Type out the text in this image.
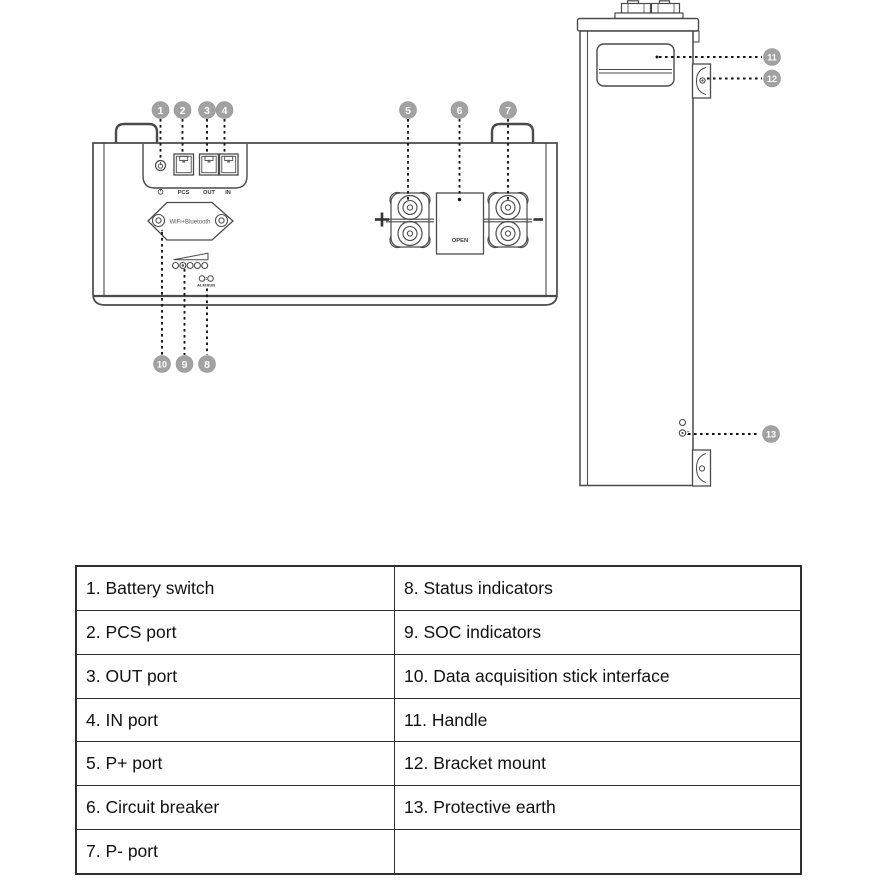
PCS OUT IN
WiFi+Bluetooth
ALM RUN
OPEN
1 2 3 4	5	6	7
8
9
10
11
12
13
1. Battery switch	8. Status indicators
2. PCS port	9. SOC indicators
3. OUT port	10. Data acquisition stick interface
4. IN port	11. Handle
5. P+ port	12. Bracket mount
6. Circuit breaker	13. Protective earth
7. P- port
